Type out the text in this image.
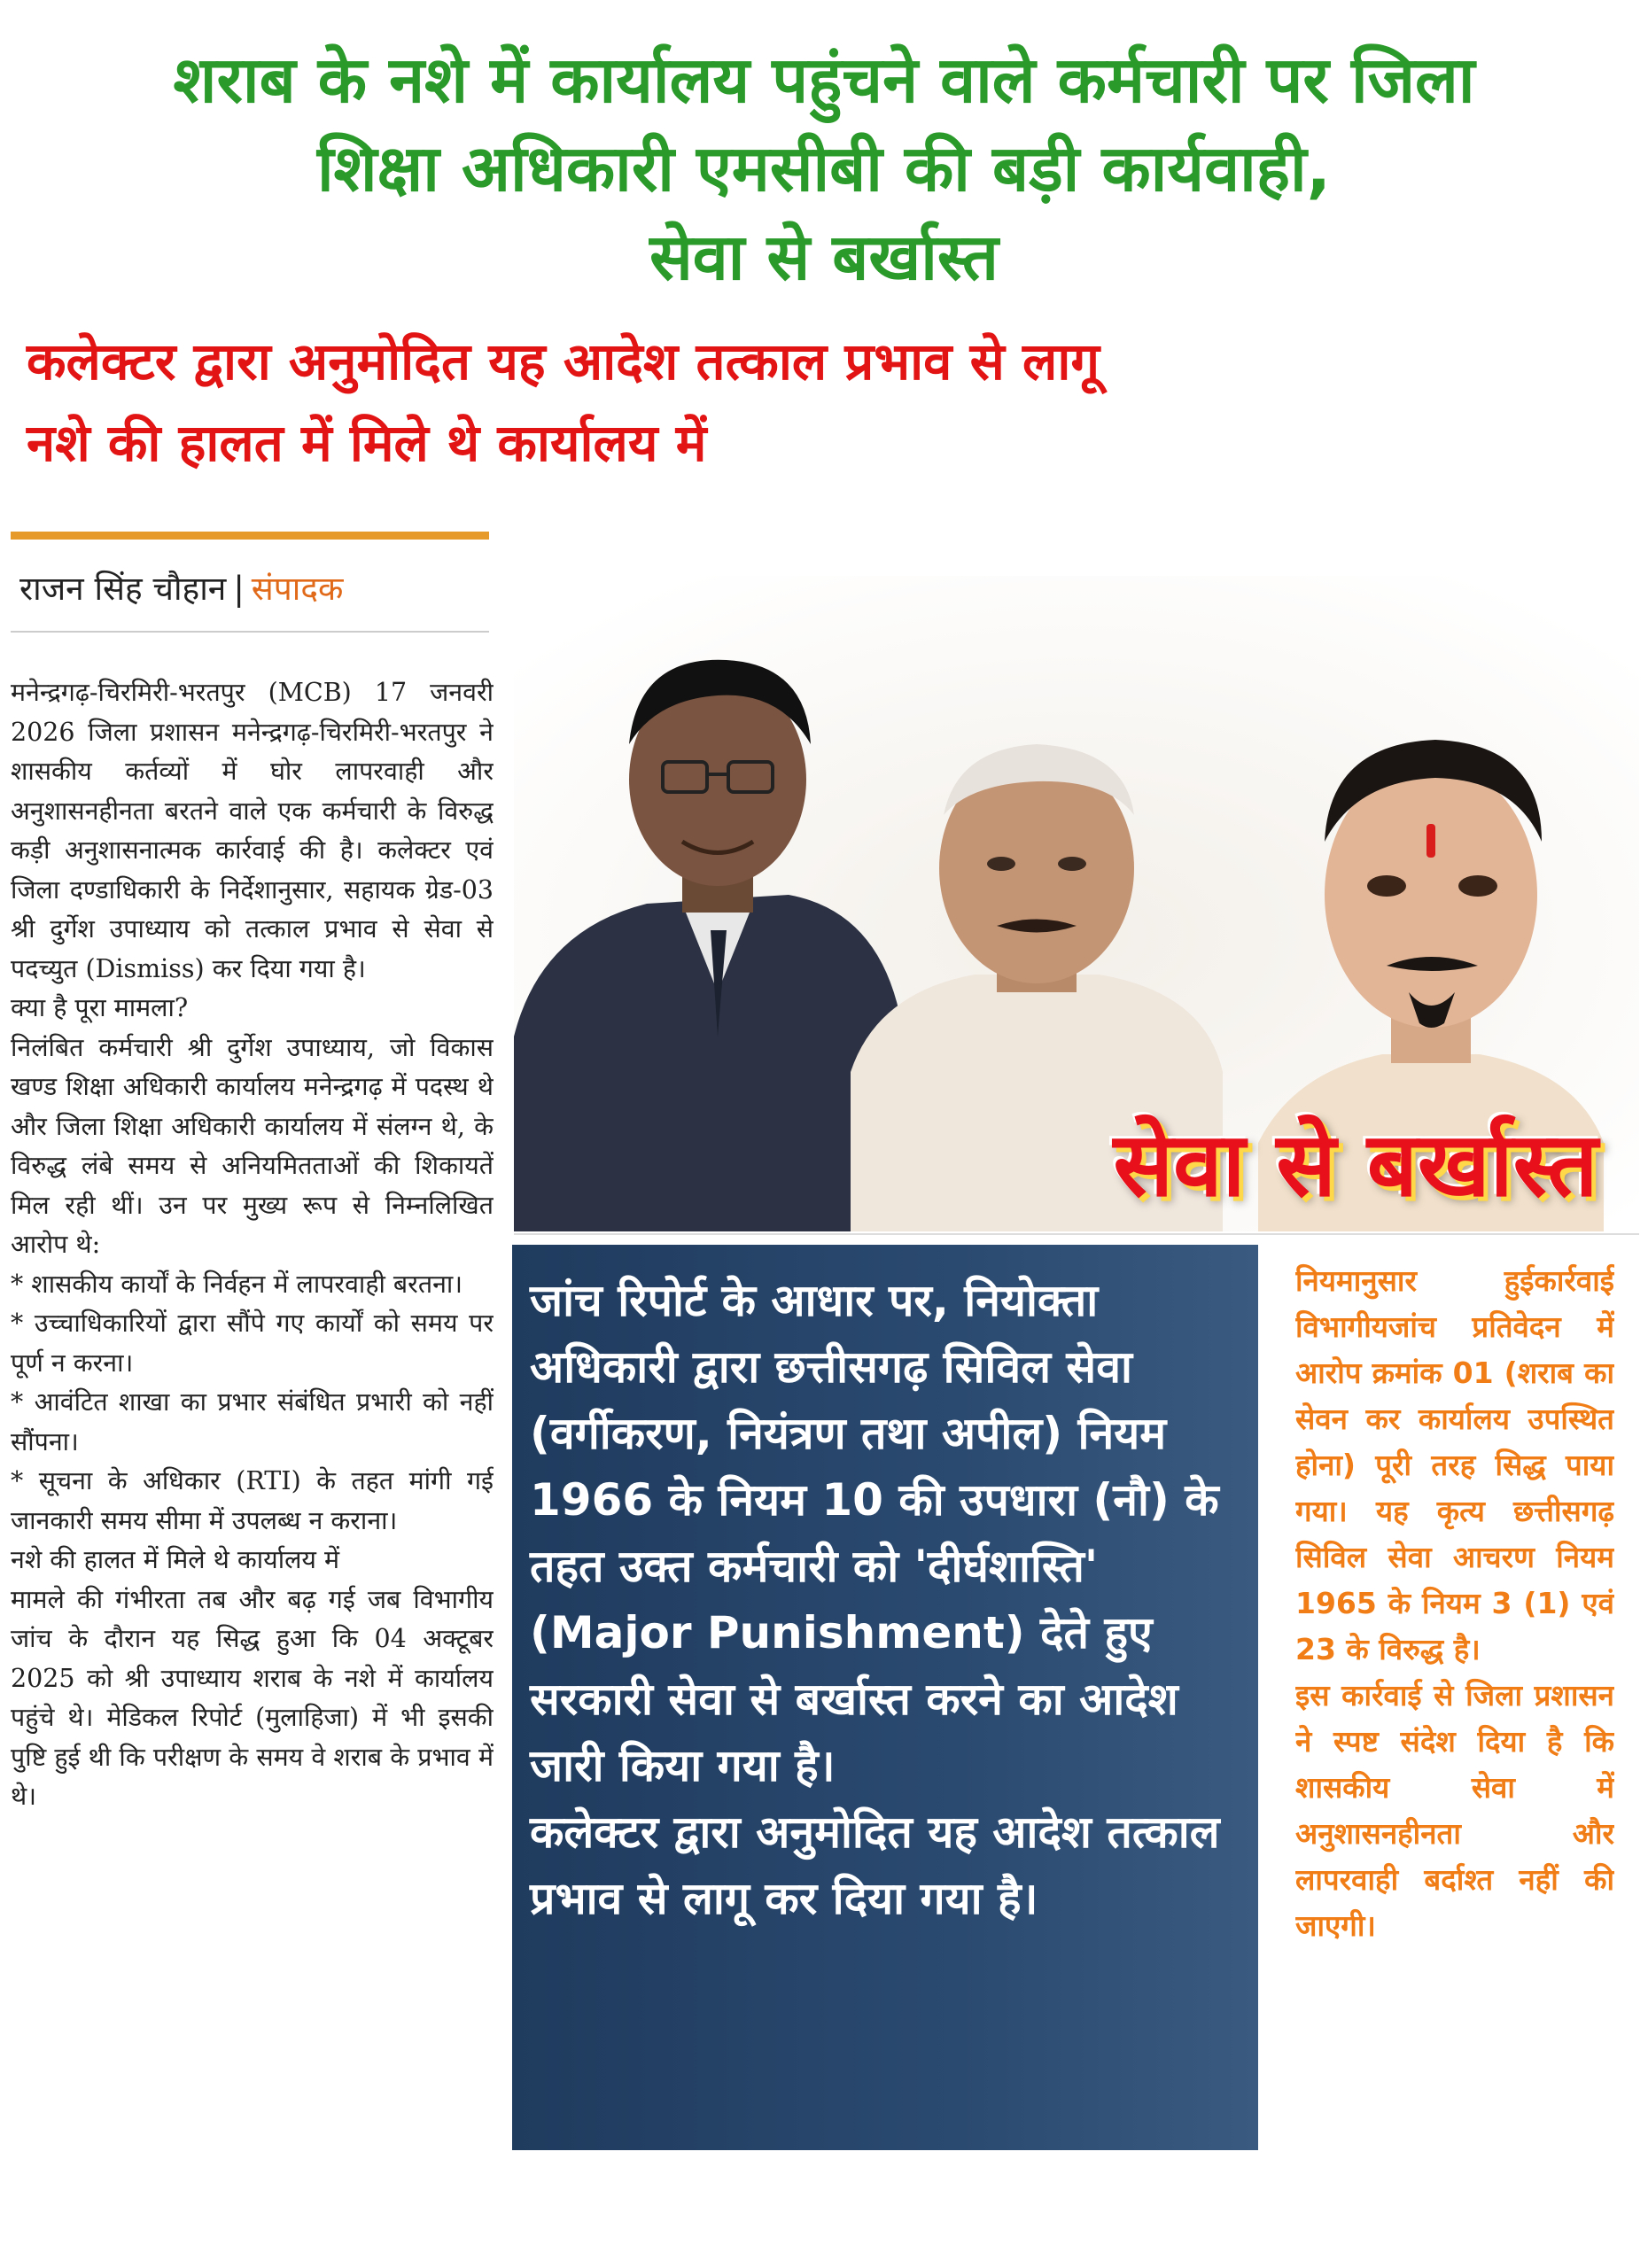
शराब के नशे में कार्यालय पहुंचने वाले कर्मचारी पर जिला
शिक्षा अधिकारी एमसीबी की बड़ी कार्यवाही,
सेवा से बर्खास्त
कलेक्टर द्वारा अनुमोदित यह आदेश तत्काल प्रभाव से लागू
नशे की हालत में मिले थे कार्यालय में
राजन सिंह चौहान | संपादक

मनेन्द्रगढ़-चिरमिरी-भरतपुर (MCB) 17 जनवरी 2026 जिला प्रशासन मनेन्द्रगढ़-चिरमिरी-भरतपुर ने शासकीय कर्तव्यों में घोर लापरवाही और अनुशासनहीनता बरतने वाले एक कर्मचारी के विरुद्ध कड़ी अनुशासनात्मक कार्रवाई की है। कलेक्टर एवं जिला दण्डाधिकारी के निर्देशानुसार, सहायक ग्रेड-03 श्री दुर्गेश उपाध्याय को तत्काल प्रभाव से सेवा से पदच्युत (Dismiss) कर दिया गया है।

क्या है पूरा मामला?

निलंबित कर्मचारी श्री दुर्गेश उपाध्याय, जो विकास खण्ड शिक्षा अधिकारी कार्यालय मनेन्द्रगढ़ में पदस्थ थे और जिला शिक्षा अधिकारी कार्यालय में संलग्न थे, के विरुद्ध लंबे समय से अनियमितताओं की शिकायतें मिल रही थीं। उन पर मुख्य रूप से निम्नलिखित आरोप थे:

* शासकीय कार्यों के निर्वहन में लापरवाही बरतना।

* उच्चाधिकारियों द्वारा सौंपे गए कार्यों को समय पर पूर्ण न करना।

* आवंटित शाखा का प्रभार संबंधित प्रभारी को नहीं सौंपना।

* सूचना के अधिकार (RTI) के तहत मांगी गई जानकारी समय सीमा में उपलब्ध न कराना।

नशे की हालत में मिले थे कार्यालय में

मामले की गंभीरता तब और बढ़ गई जब विभागीय जांच के दौरान यह सिद्ध हुआ कि 04 अक्टूबर 2025 को श्री उपाध्याय शराब के नशे में कार्यालय पहुंचे थे। मेडिकल रिपोर्ट (मुलाहिजा) में भी इसकी पुष्टि हुई थी कि परीक्षण के समय वे शराब के प्रभाव में थे।

सेवा से बर्खास्त

जांच रिपोर्ट के आधार पर, नियोक्ता अधिकारी द्वारा छत्तीसगढ़ सिविल सेवा (वर्गीकरण, नियंत्रण तथा अपील) नियम 1966 के नियम 10 की उपधारा (नौ) के तहत उक्त कर्मचारी को 'दीर्घशास्ति' (Major Punishment) देते हुए सरकारी सेवा से बर्खास्त करने का आदेश जारी किया गया है।

कलेक्टर द्वारा अनुमोदित यह आदेश तत्काल प्रभाव से लागू कर दिया गया है।

नियमानुसार हुईकार्रवाई विभागीयजांच प्रतिवेदन में आरोप क्रमांक 01 (शराब का सेवन कर कार्यालय उपस्थित होना) पूरी तरह सिद्ध पाया गया। यह कृत्य छत्तीसगढ़ सिविल सेवा आचरण नियम 1965 के नियम 3 (1) एवं 23 के विरुद्ध है।

इस कार्रवाई से जिला प्रशासन ने स्पष्ट संदेश दिया है कि शासकीय सेवा में अनुशासनहीनता और लापरवाही बर्दाश्त नहीं की जाएगी।
